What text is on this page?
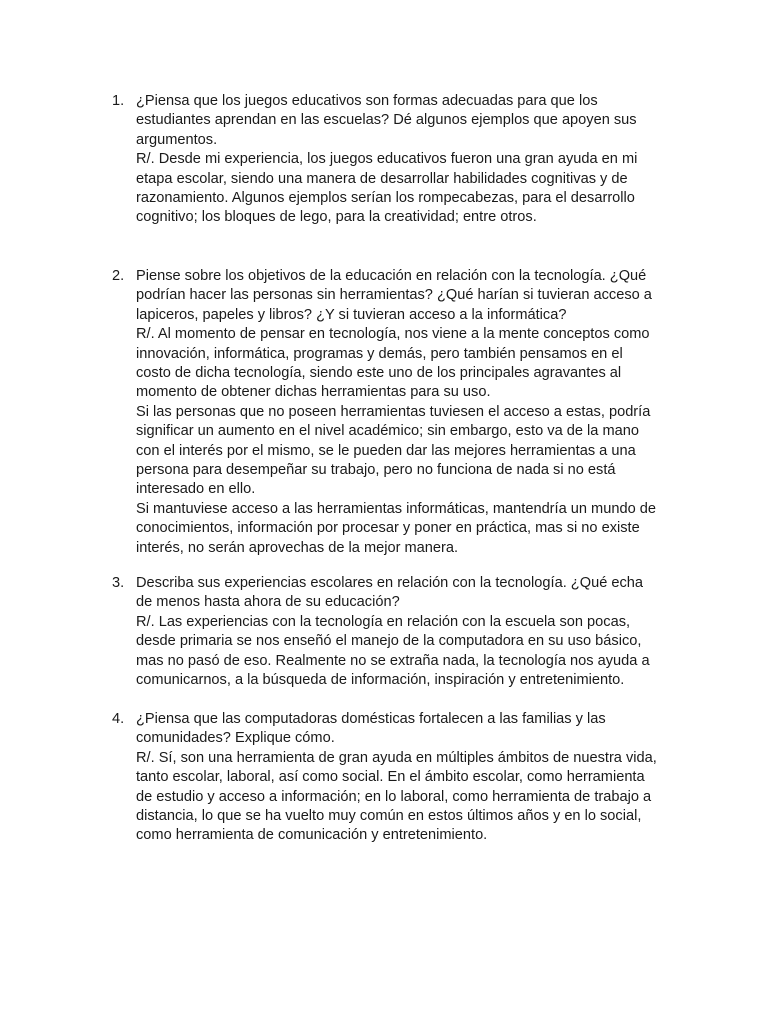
1. ¿Piensa que los juegos educativos son formas adecuadas para que los
estudiantes aprendan en las escuelas? Dé algunos ejemplos que apoyen sus
argumentos.
R/. Desde mi experiencia, los juegos educativos fueron una gran ayuda en mi
etapa escolar, siendo una manera de desarrollar habilidades cognitivas y de
razonamiento. Algunos ejemplos serían los rompecabezas, para el desarrollo
cognitivo; los bloques de lego, para la creatividad; entre otros.
2. Piense sobre los objetivos de la educación en relación con la tecnología. ¿Qué
podrían hacer las personas sin herramientas? ¿Qué harían si tuvieran acceso a
lapiceros, papeles y libros? ¿Y si tuvieran acceso a la informática?
R/. Al momento de pensar en tecnología, nos viene a la mente conceptos como
innovación, informática, programas y demás, pero también pensamos en el
costo de dicha tecnología, siendo este uno de los principales agravantes al
momento de obtener dichas herramientas para su uso.
Si las personas que no poseen herramientas tuviesen el acceso a estas, podría
significar un aumento en el nivel académico; sin embargo, esto va de la mano
con el interés por el mismo, se le pueden dar las mejores herramientas a una
persona para desempeñar su trabajo, pero no funciona de nada si no está
interesado en ello.
Si mantuviese acceso a las herramientas informáticas, mantendría un mundo de
conocimientos, información por procesar y poner en práctica, mas si no existe
interés, no serán aprovechas de la mejor manera.
3. Describa sus experiencias escolares en relación con la tecnología. ¿Qué echa
de menos hasta ahora de su educación?
R/. Las experiencias con la tecnología en relación con la escuela son pocas,
desde primaria se nos enseñó el manejo de la computadora en su uso básico,
mas no pasó de eso. Realmente no se extraña nada, la tecnología nos ayuda a
comunicarnos, a la búsqueda de información, inspiración y entretenimiento.
4. ¿Piensa que las computadoras domésticas fortalecen a las familias y las
comunidades? Explique cómo.
R/. Sí, son una herramienta de gran ayuda en múltiples ámbitos de nuestra vida,
tanto escolar, laboral, así como social. En el ámbito escolar, como herramienta
de estudio y acceso a información; en lo laboral, como herramienta de trabajo a
distancia, lo que se ha vuelto muy común en estos últimos años y en lo social,
como herramienta de comunicación y entretenimiento.
